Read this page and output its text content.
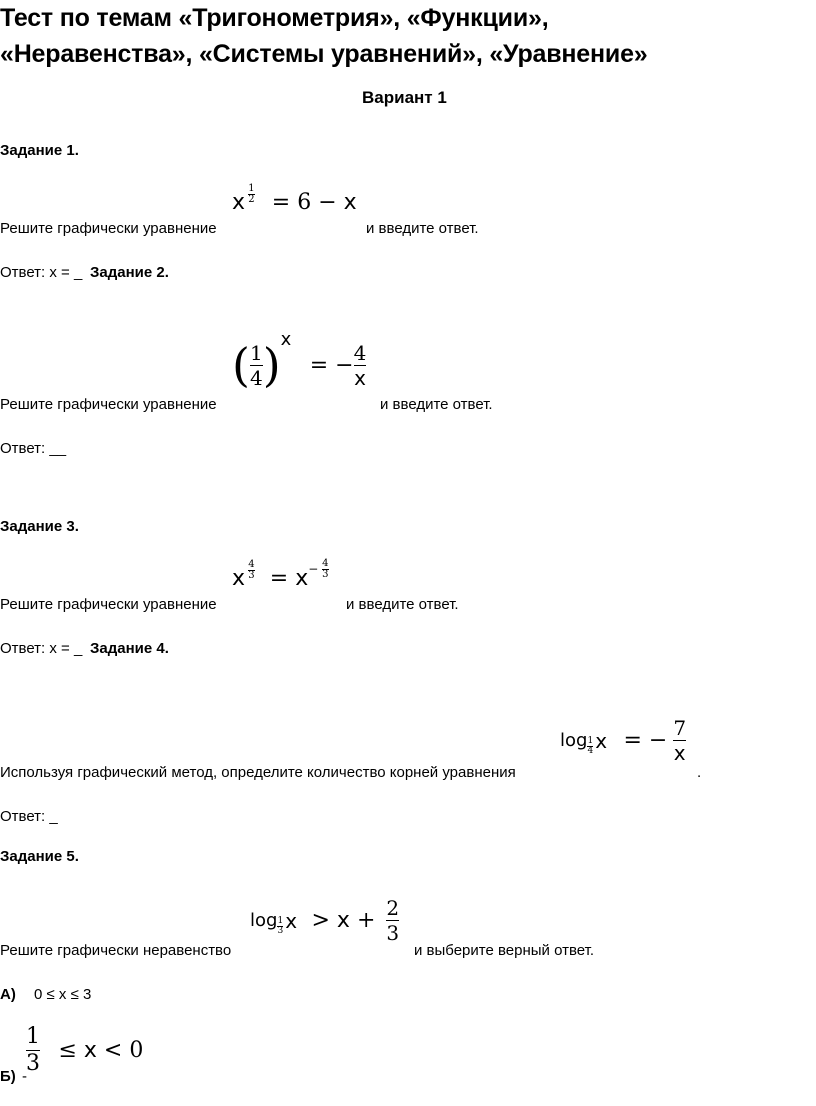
Тест по темам «Тригонометрия», «Функции»,
«Неравенства», «Системы уравнений», «Уравнение»
Вариант 1
Задание 1.
Решите графически уравнение
x $^{\frac{1}{2}}$ = 6 − x
и введите ответ.
Ответ: x = _ Задание 2.
Решите графически уравнение
( $\frac{1}{4} )x$ = − $\frac{4}{x}$
и введите ответ.
Ответ: __
Задание 3.
Решите графически уравнение
x $^{\frac{4}{3}} = x^{- \frac{4}{3}}$
и введите ответ.
Ответ: x = _ Задание 4.
Используя графический метод, определите количество корней уравнения
log $_{\frac{1}{4}}$ x = − $\frac{7}{x}$
.
Ответ: _
Задание 5.
Решите графически неравенство
log $_{\frac{1}{3}}$ $x > x + \frac{2}{3}$
и выберите верный ответ.
А) 0 ≤ x ≤ 3
$\frac{1}{3} \le x < 0$
Б) -
